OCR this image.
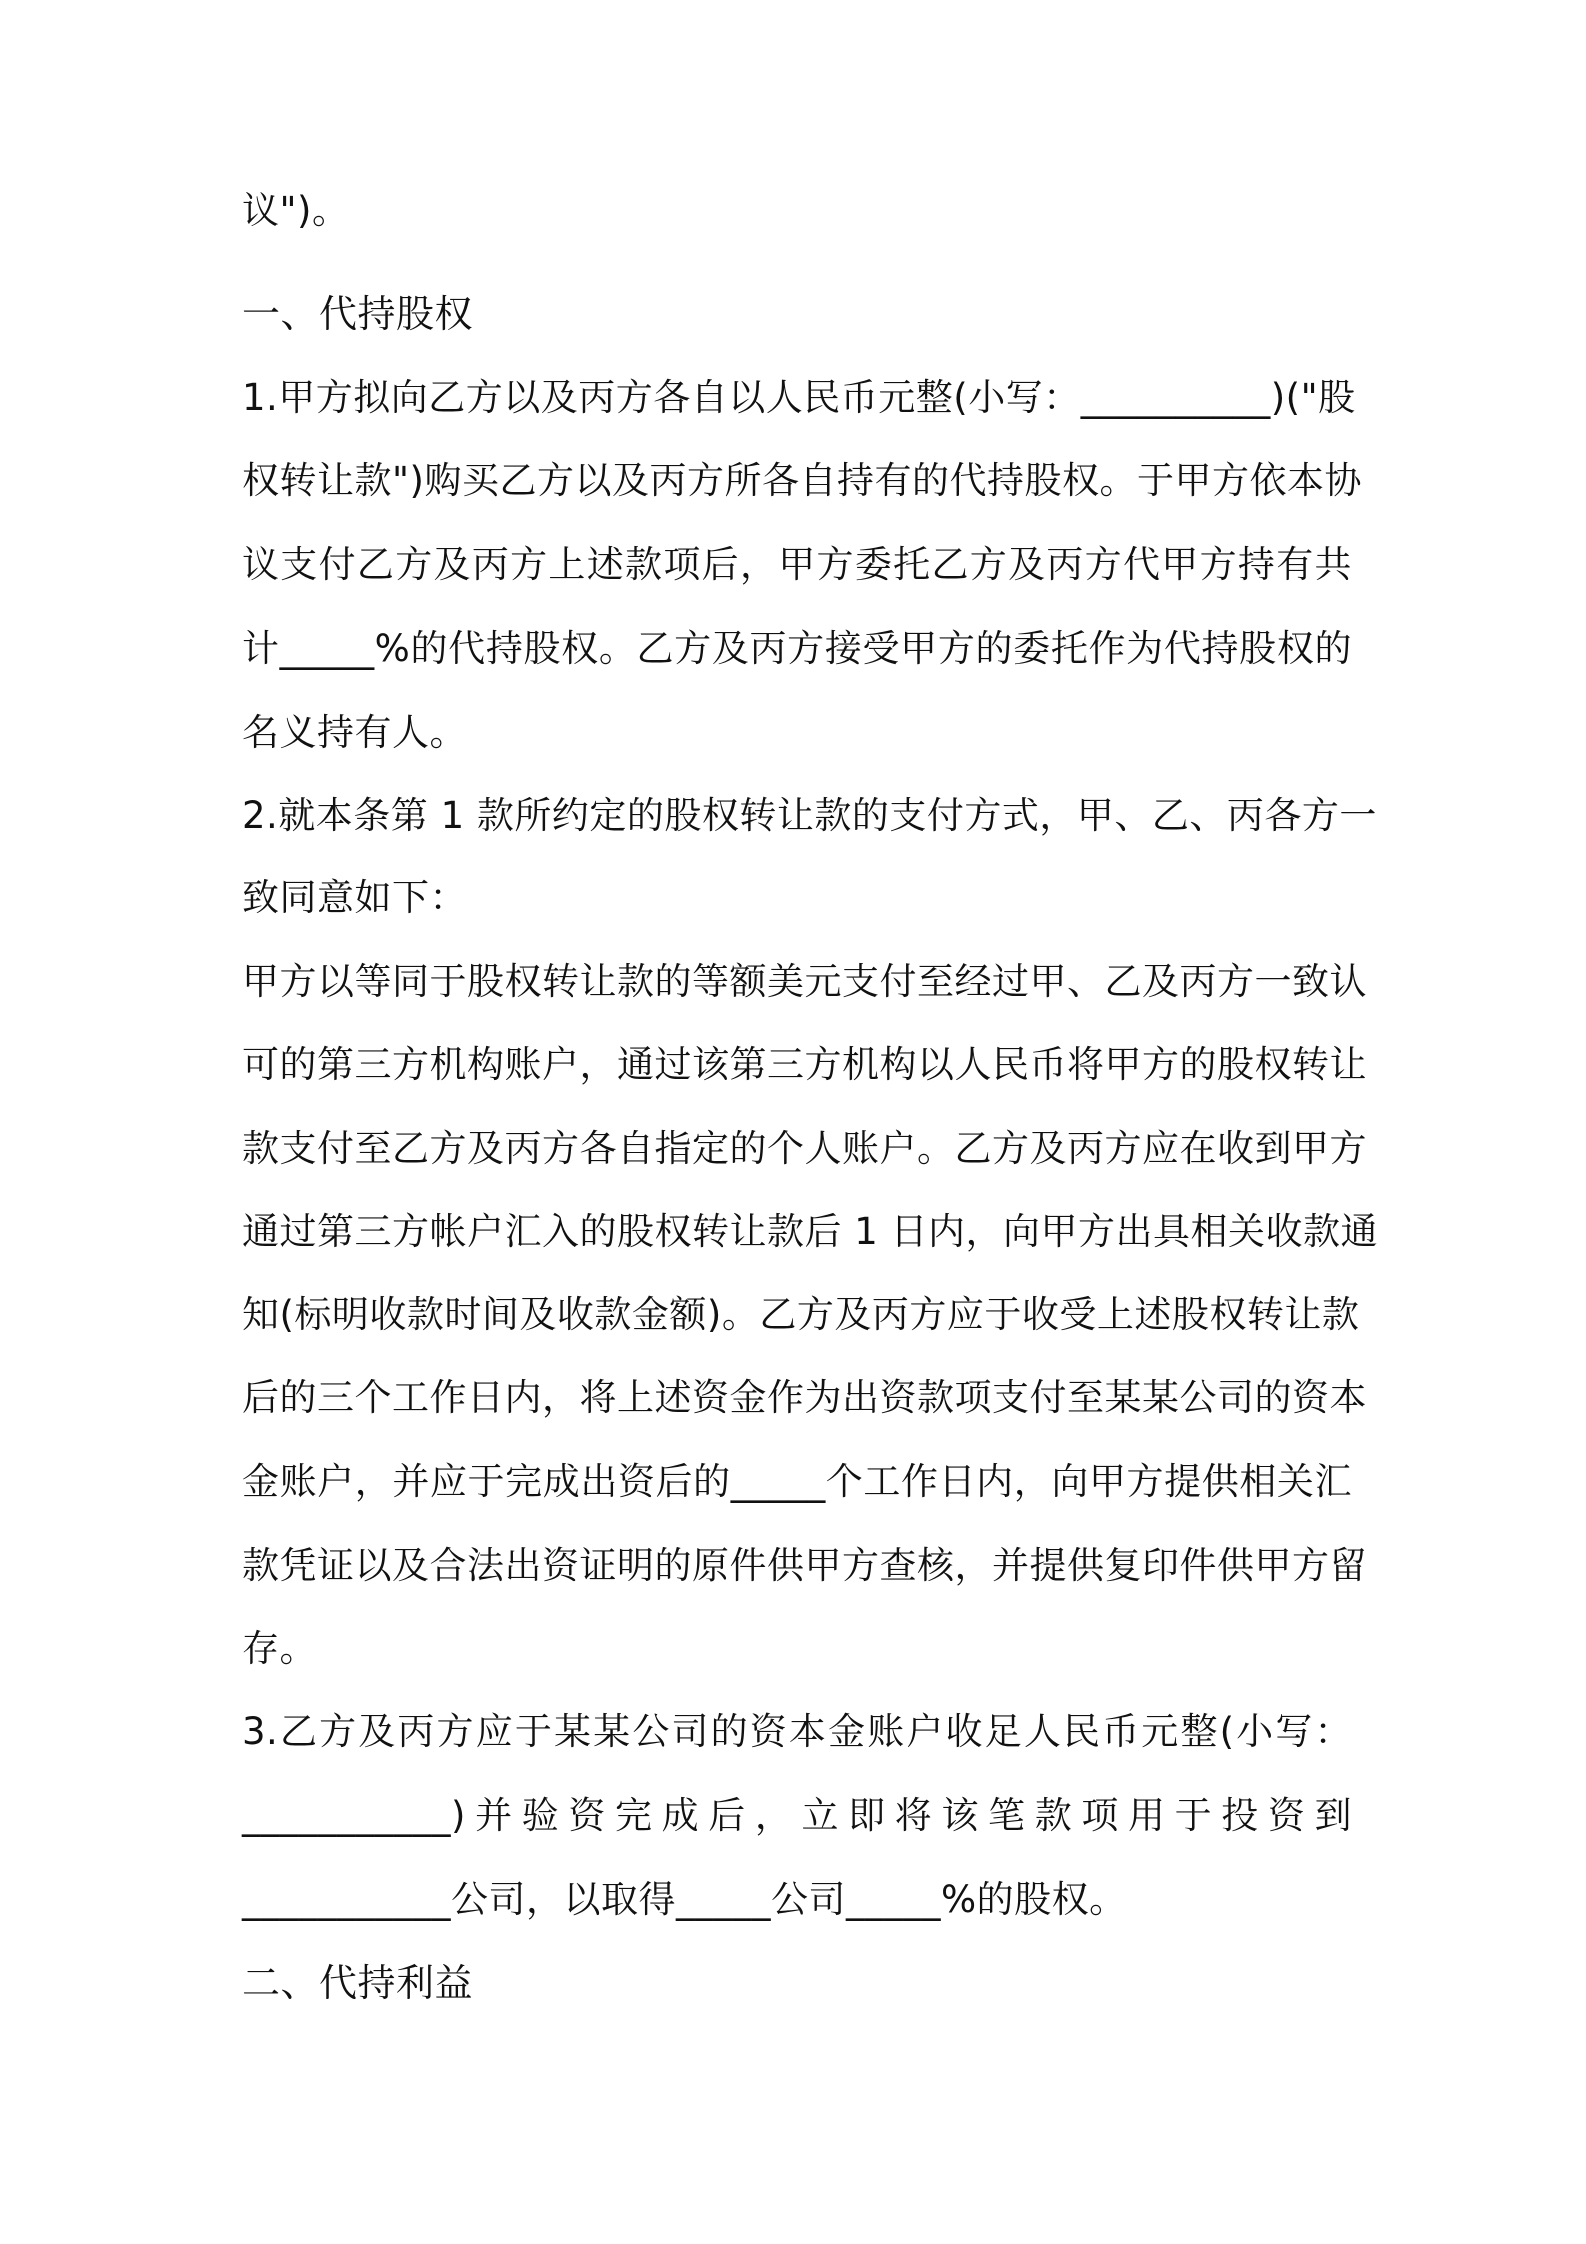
议")。
一、代持股权
1.甲方拟向乙方以及丙方各自以人民币元整(小写：__________)("股
权转让款")购买乙方以及丙方所各自持有的代持股权。于甲方依本协
议支付乙方及丙方上述款项后，甲方委托乙方及丙方代甲方持有共
计_____%的代持股权。乙方及丙方接受甲方的委托作为代持股权的
名义持有人。
2.就本条第 1 款所约定的股权转让款的支付方式，甲、乙、丙各方一
致同意如下：
甲方以等同于股权转让款的等额美元支付至经过甲、乙及丙方一致认
可的第三方机构账户，通过该第三方机构以人民币将甲方的股权转让
款支付至乙方及丙方各自指定的个人账户。乙方及丙方应在收到甲方
通过第三方帐户汇入的股权转让款后 1 日内，向甲方出具相关收款通
知(标明收款时间及收款金额)。乙方及丙方应于收受上述股权转让款
后的三个工作日内，将上述资金作为出资款项支付至某某公司的资本
金账户，并应于完成出资后的_____个工作日内，向甲方提供相关汇
款凭证以及合法出资证明的原件供甲方查核，并提供复印件供甲方留
存。
3.乙方及丙方应于某某公司的资本金账户收足人民币元整(小写：
___________)并验资完成后，立即将该笔款项用于投资到
___________公司，以取得_____公司_____%的股权。
二、代持利益
